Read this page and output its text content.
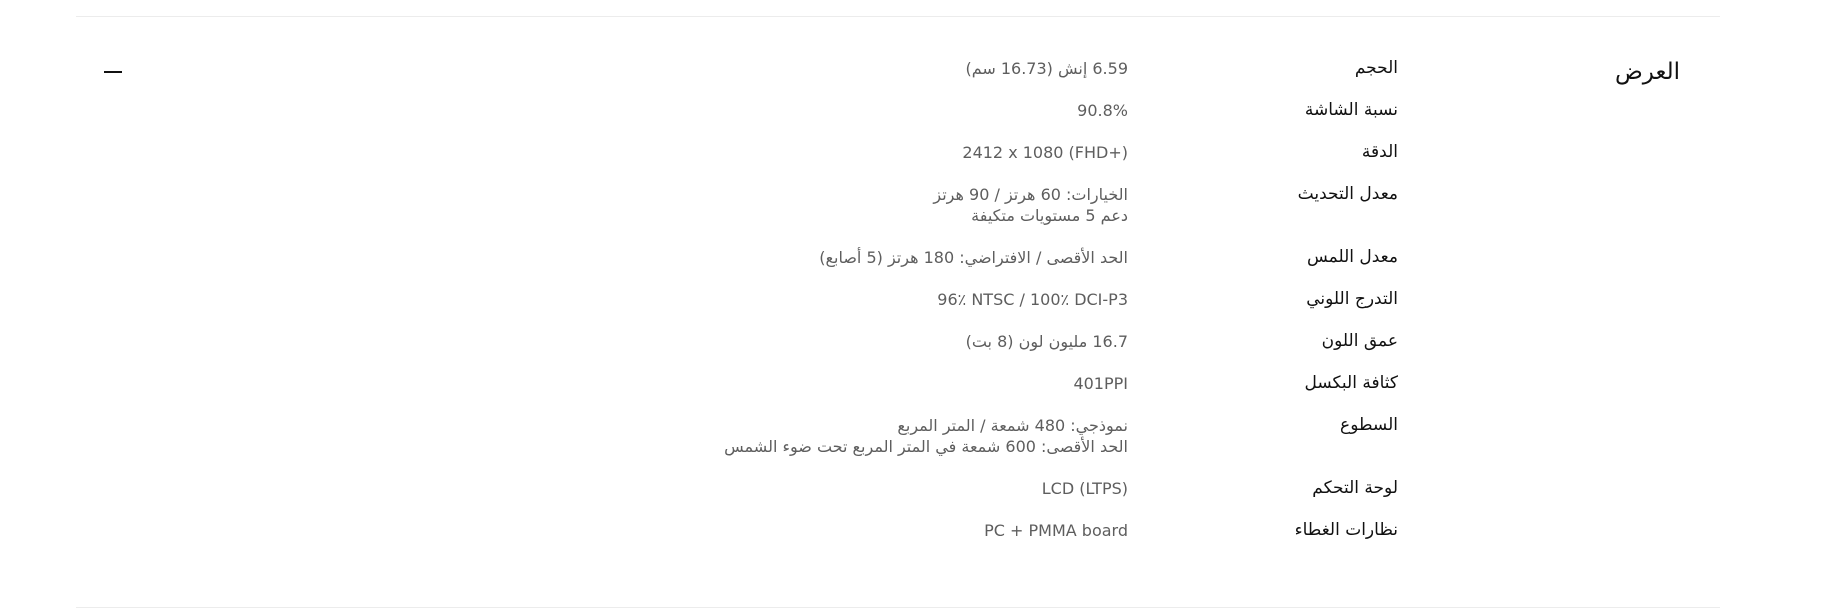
العرض
الحجم
6.59 إنش (16.73 سم)
نسبة الشاشة
90.8%
الدقة
2412 x 1080 (FHD+)
معدل التحديث
الخيارات: 60 هرتز / 90 هرتز
دعم 5 مستويات متكيفة
معدل اللمس
الحد الأقصى / الافتراضي: 180 هرتز (5 أصابع)
التدرج اللوني
96٪ NTSC / 100٪ DCI-P3
عمق اللون
16.7 مليون لون (8 بت)
كثافة البكسل
401PPI
السطوع
نموذجي: 480 شمعة / المتر المربع
الحد الأقصى: 600 شمعة في المتر المربع تحت ضوء الشمس
لوحة التحكم
LCD (LTPS)
نظارات الغطاء
PC + PMMA board
